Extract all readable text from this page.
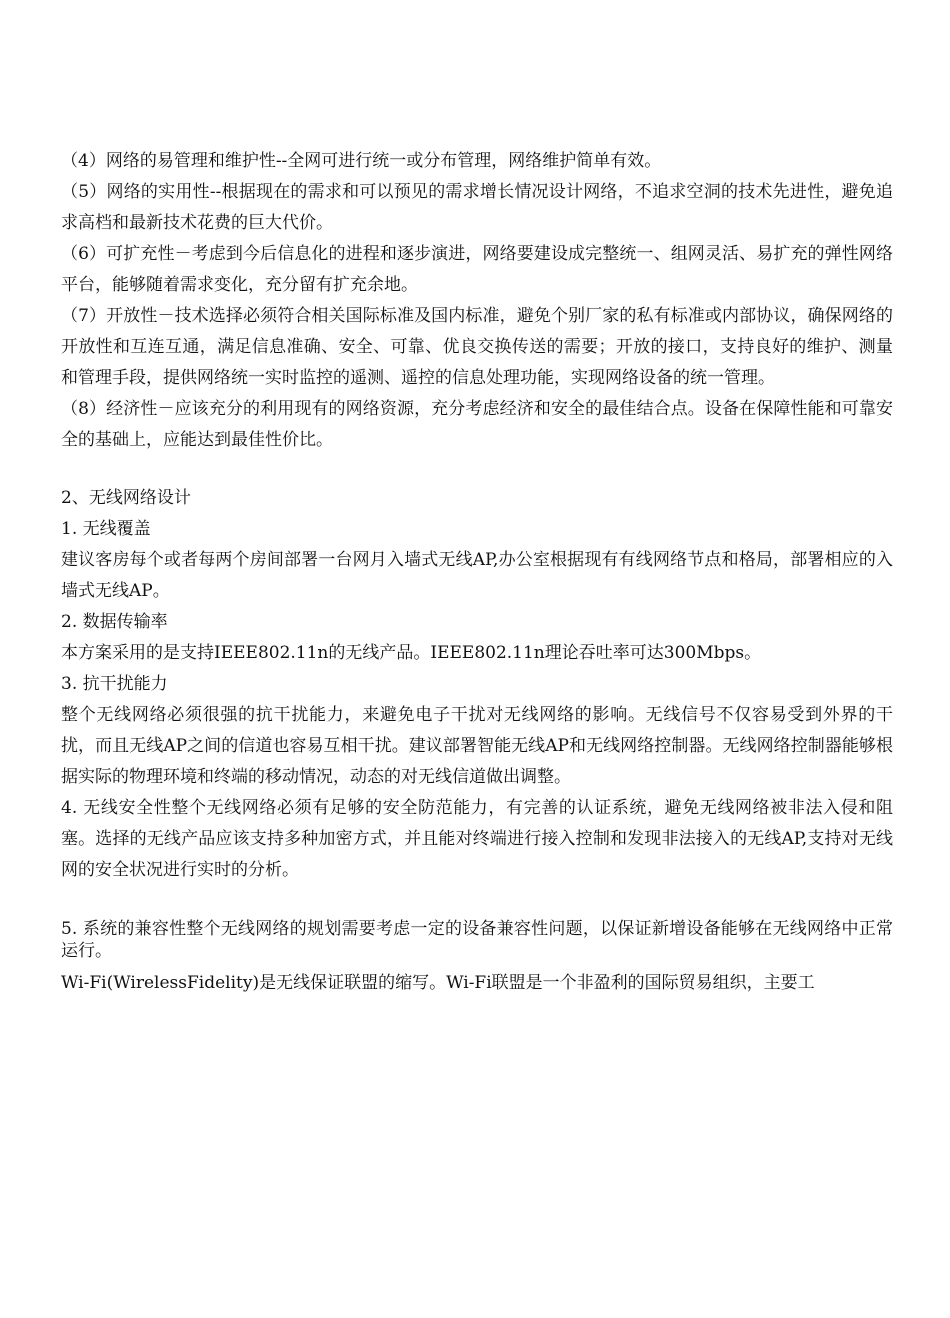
（4）网络的易管理和维护性--全网可进行统一或分布管理，网络维护简单有效。

（5）网络的实用性--根据现在的需求和可以预见的需求增长情况设计网络，不追求空洞的技术先进性，避免追求高档和最新技术花费的巨大代价。

（6）可扩充性－考虑到今后信息化的进程和逐步演进，网络要建设成完整统一、组网灵活、易扩充的弹性网络平台，能够随着需求变化，充分留有扩充余地。

（7）开放性－技术选择必须符合相关国际标准及国内标准，避免个别厂家的私有标准或内部协议，确保网络的开放性和互连互通，满足信息准确、安全、可靠、优良交换传送的需要；开放的接口，支持良好的维护、测量和管理手段，提供网络统一实时监控的遥测、遥控的信息处理功能，实现网络设备的统一管理。

（8）经济性－应该充分的利用现有的网络资源，充分考虑经济和安全的最佳结合点。设备在保障性能和可靠安全的基础上，应能达到最佳性价比。

2、无线网络设计

1. 无线覆盖

建议客房每个或者每两个房间部署一台网月入墙式无线AP,办公室根据现有有线网络节点和格局，部署相应的入墙式无线AP。

2. 数据传输率

本方案采用的是支持IEEE802.11n的无线产品。IEEE802.11n理论吞吐率可达300Mbps。

3. 抗干扰能力

整个无线网络必须很强的抗干扰能力，来避免电子干扰对无线网络的影响。无线信号不仅容易受到外界的干扰，而且无线AP之间的信道也容易互相干扰。建议部署智能无线AP和无线网络控制器。无线网络控制器能够根据实际的物理环境和终端的移动情况，动态的对无线信道做出调整。

4. 无线安全性整个无线网络必须有足够的安全防范能力，有完善的认证系统，避免无线网络被非法入侵和阻塞。选择的无线产品应该支持多种加密方式，并且能对终端进行接入控制和发现非法接入的无线AP,支持对无线网的安全状况进行实时的分析。

5. 系统的兼容性整个无线网络的规划需要考虑一定的设备兼容性问题，以保证新增设备能够在无线网络中正常运行。

Wi-Fi(WirelessFidelity)是无线保证联盟的缩写。Wi-Fi联盟是一个非盈利的国际贸易组织，主要工
